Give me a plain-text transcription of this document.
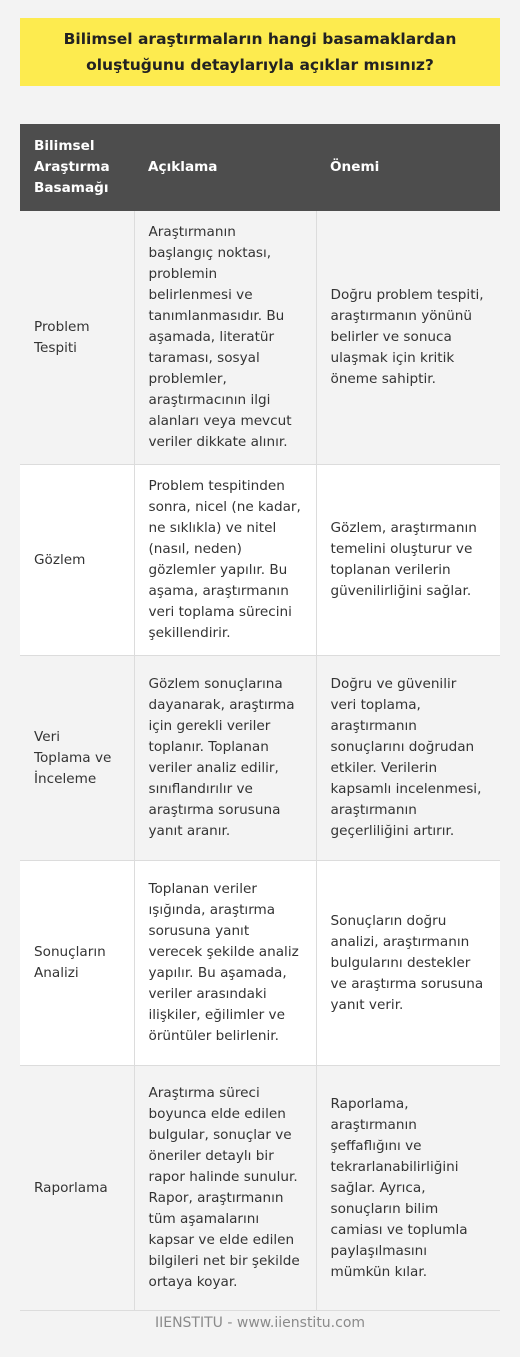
Bilimsel araştırmaların hangi basamaklardan oluştuğunu detaylarıyla açıklar mısınız?
Bilimsel Araştırma Basamağı	Açıklama	Önemi
Problem Tespiti	Araştırmanın başlangıç noktası, problemin belirlenmesi ve tanımlanmasıdır. Bu aşamada, literatür taraması, sosyal problemler, araştırmacının ilgi alanları veya mevcut veriler dikkate alınır.	Doğru problem tespiti, araştırmanın yönünü belirler ve sonuca ulaşmak için kritik öneme sahiptir.
Gözlem	Problem tespitinden sonra, nicel (ne kadar, ne sıklıkla) ve nitel (nasıl, neden) gözlemler yapılır. Bu aşama, araştırmanın veri toplama sürecini şekillendirir.	Gözlem, araştırmanın temelini oluşturur ve toplanan verilerin güvenilirliğini sağlar.
Veri Toplama ve İnceleme	Gözlem sonuçlarına dayanarak, araştırma için gerekli veriler toplanır. Toplanan veriler analiz edilir, sınıflandırılır ve araştırma sorusuna yanıt aranır.	Doğru ve güvenilir veri toplama, araştırmanın sonuçlarını doğrudan etkiler. Verilerin kapsamlı incelenmesi, araştırmanın geçerliliğini artırır.
Sonuçların Analizi	Toplanan veriler ışığında, araştırma sorusuna yanıt verecek şekilde analiz yapılır. Bu aşamada, veriler arasındaki ilişkiler, eğilimler ve örüntüler belirlenir.	Sonuçların doğru analizi, araştırmanın bulgularını destekler ve araştırma sorusuna yanıt verir.
Raporlama	Araştırma süreci boyunca elde edilen bulgular, sonuçlar ve öneriler detaylı bir rapor halinde sunulur. Rapor, araştırmanın tüm aşamalarını kapsar ve elde edilen bilgileri net bir şekilde ortaya koyar.	Raporlama, araştırmanın şeffaflığını ve tekrarlanabilirliğini sağlar. Ayrıca, sonuçların bilim camiası ve toplumla paylaşılmasını mümkün kılar.
IIENSTITU - www.iienstitu.com
